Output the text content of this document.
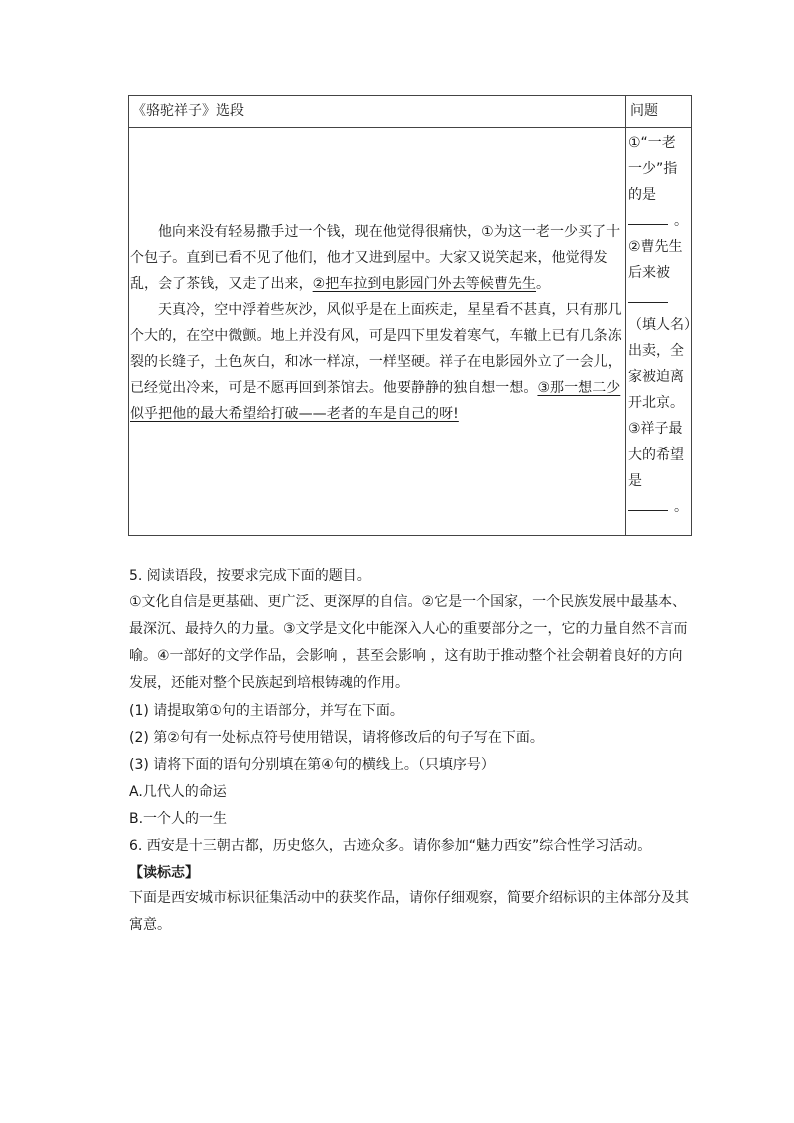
《骆驼祥子》选段	问题

他向来没有轻易撒手过一个钱，现在他觉得很痛快，①为这一老一少买了十个包子。直到已看不见了他们，他才又进到屋中。大家又说笑起来，他觉得发乱，会了茶钱，又走了出来，②把车拉到电影园门外去等候曹先生。

天真冷，空中浮着些灰沙，风似乎是在上面疾走，星星看不甚真，只有那几个大的，在空中微颤。地上并没有风，可是四下里发着寒气，车辙上已有几条冻裂的长缝子，土色灰白，和冰一样凉，一样坚硬。祥子在电影园外立了一会儿，已经觉出冷来，可是不愿再回到茶馆去。他要静静的独自想一想。③那一想二少似乎把他的最大希望给打破——老者的车是自己的呀!

①“一老
一少”指
的是
。
②曹先生
后来被
（填人名）
出卖，全
家被迫离
开北京。
③祥子最
大的希望
是
。
5. 阅读语段，按要求完成下面的题目。
①文化自信是更基础、更广泛、更深厚的自信。②它是一个国家，一个民族发展中最基本、最深沉、最持久的力量。③文学是文化中能深入人心的重要部分之一，它的力量自然不言而喻。④一部好的文学作品，会影响 ，甚至会影响 ，这有助于推动整个社会朝着良好的方向发展，还能对整个民族起到培根铸魂的作用。
(1) 请提取第①句的主语部分，并写在下面。
(2) 第②句有一处标点符号使用错误，请将修改后的句子写在下面。
(3) 请将下面的语句分别填在第④句的横线上。（只填序号）
A.几代人的命运
B.一个人的一生
6. 西安是十三朝古都，历史悠久，古迹众多。请你参加“魅力西安”综合性学习活动。
【读标志】
下面是西安城市标识征集活动中的获奖作品，请你仔细观察，简要介绍标识的主体部分及其寓意。
